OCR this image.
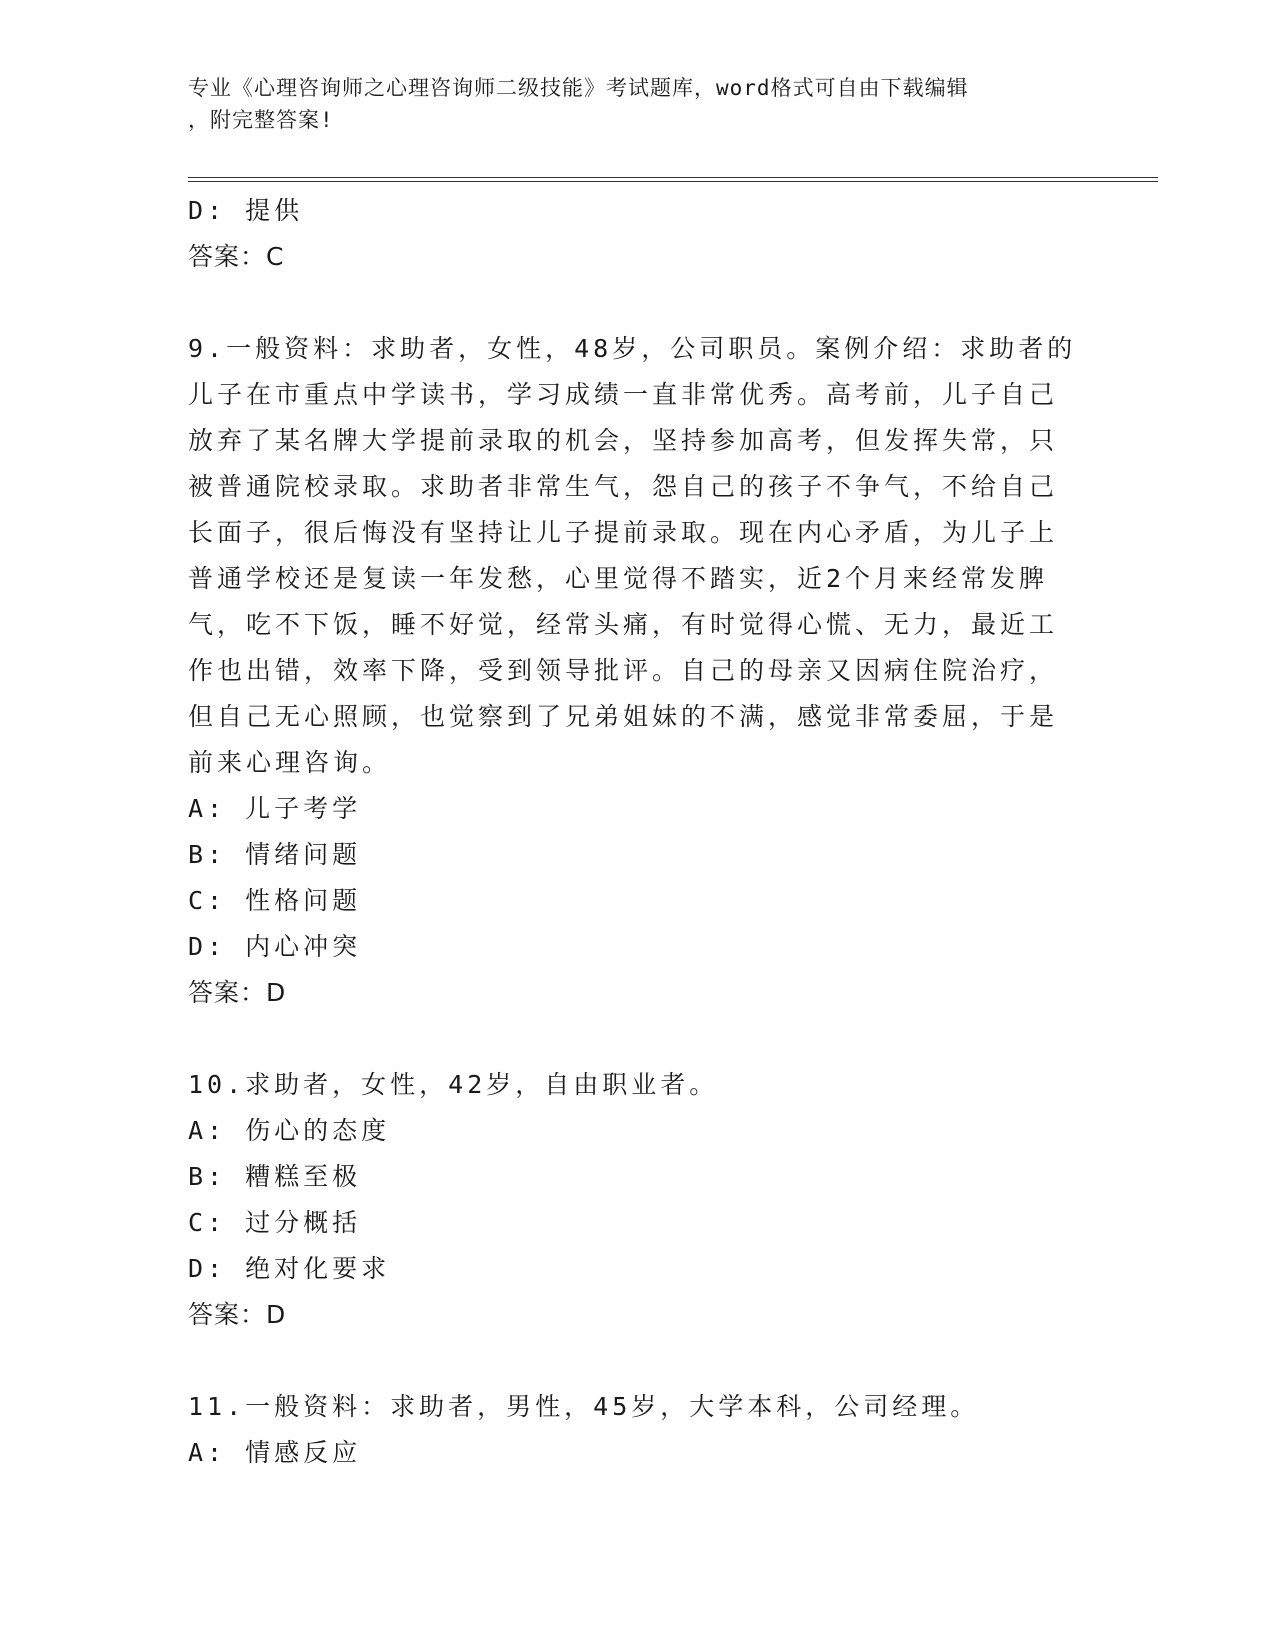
专业《心理咨询师之心理咨询师二级技能》考试题库，word格式可自由下载编辑
，附完整答案!
D: 提供
答案：C
9.一般资料：求助者，女性，48岁，公司职员。案例介绍：求助者的
儿子在市重点中学读书，学习成绩一直非常优秀。高考前，儿子自己
放弃了某名牌大学提前录取的机会，坚持参加高考，但发挥失常，只
被普通院校录取。求助者非常生气，怨自己的孩子不争气，不给自己
长面子，很后悔没有坚持让儿子提前录取。现在内心矛盾，为儿子上
普通学校还是复读一年发愁，心里觉得不踏实，近2个月来经常发脾
气，吃不下饭，睡不好觉，经常头痛，有时觉得心慌、无力，最近工
作也出错，效率下降，受到领导批评。自己的母亲又因病住院治疗，
但自己无心照顾，也觉察到了兄弟姐妹的不满，感觉非常委屈，于是
前来心理咨询。
A: 儿子考学
B: 情绪问题
C: 性格问题
D: 内心冲突
答案：D
10.求助者，女性，42岁，自由职业者。
A: 伤心的态度
B: 糟糕至极
C: 过分概括
D: 绝对化要求
答案：D
11.一般资料：求助者，男性，45岁，大学本科，公司经理。
A: 情感反应
